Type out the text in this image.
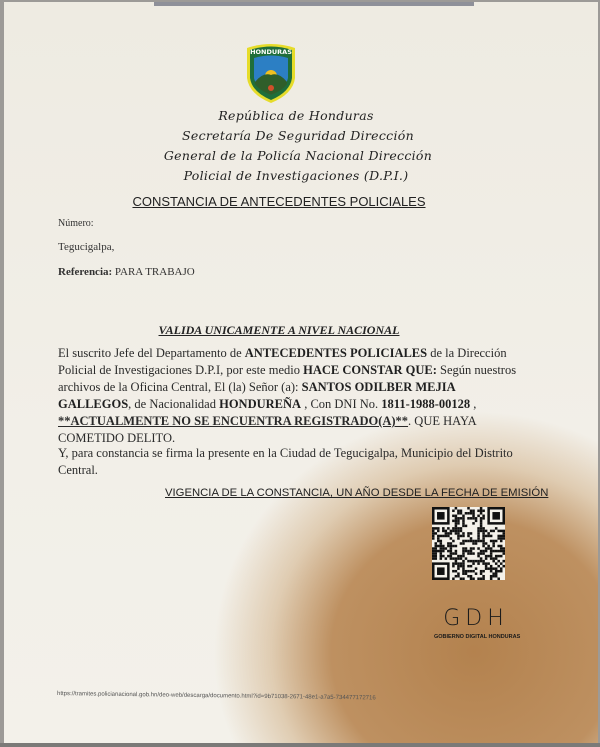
HONDURAS
República de Honduras
Secretaría De Seguridad Dirección
General de la Policía Nacional Dirección
Policial de Investigaciones (D.P.I.)
CONSTANCIA DE ANTECEDENTES POLICIALES
Número:
Tegucigalpa,
Referencia: PARA TRABAJO
VALIDA UNICAMENTE A NIVEL NACIONAL
El suscrito Jefe del Departamento de ANTECEDENTES POLICIALES de la Dirección Policial de Investigaciones D.P.I, por este medio HACE CONSTAR QUE: Según nuestros archivos de la Oficina Central, El (la) Señor (a): SANTOS ODILBER MEJIA GALLEGOS, de Nacionalidad HONDUREÑA , Con DNI No. 1811-1988-00128 ,
**ACTUALMENTE NO SE ENCUENTRA REGISTRADO(A)**. QUE HAYA COMETIDO DELITO.
Y, para constancia se firma la presente en la Ciudad de Tegucigalpa, Municipio del Distrito Central.
VIGENCIA DE LA CONSTANCIA, UN AÑO DESDE LA FECHA DE EMISIÓN
GDH
GOBIERNO DIGITAL HONDURAS
https://tramites.policianacional.gob.hn/deo-web/descarga/documento.html?id=9b71038-2671-48e1-a7a5-734477172716
